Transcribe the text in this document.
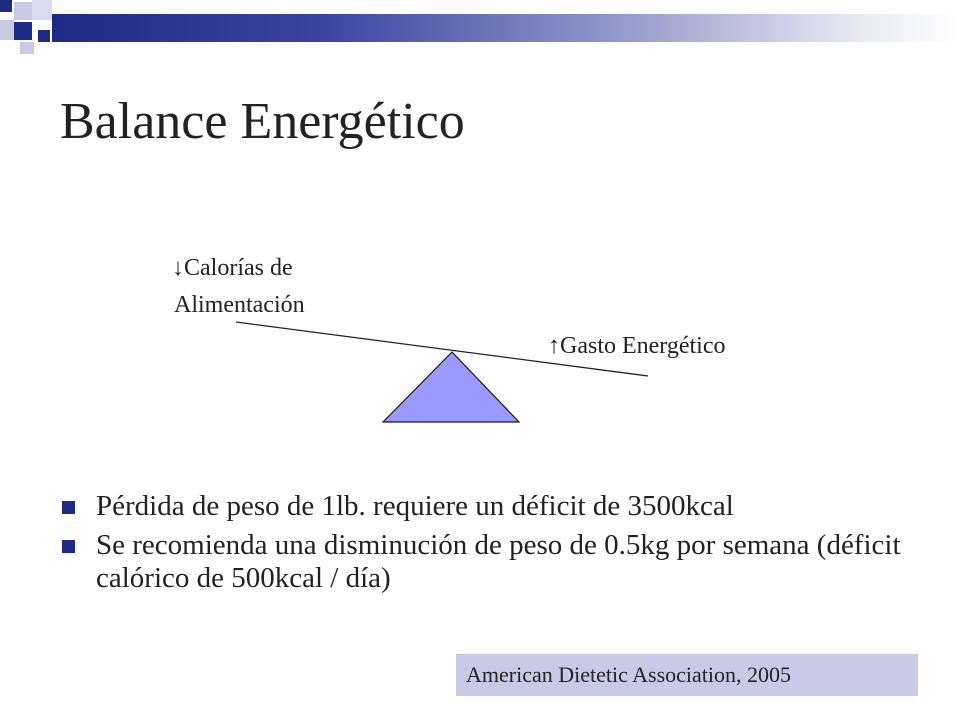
Balance Energético
↓Calorías de
Alimentación
↑Gasto Energético
Pérdida de peso de 1lb. requiere un déficit de 3500kcal
Se recomienda una disminución de peso de 0.5kg por semana (déficit calórico de 500kcal / día)
American Dietetic Association, 2005
